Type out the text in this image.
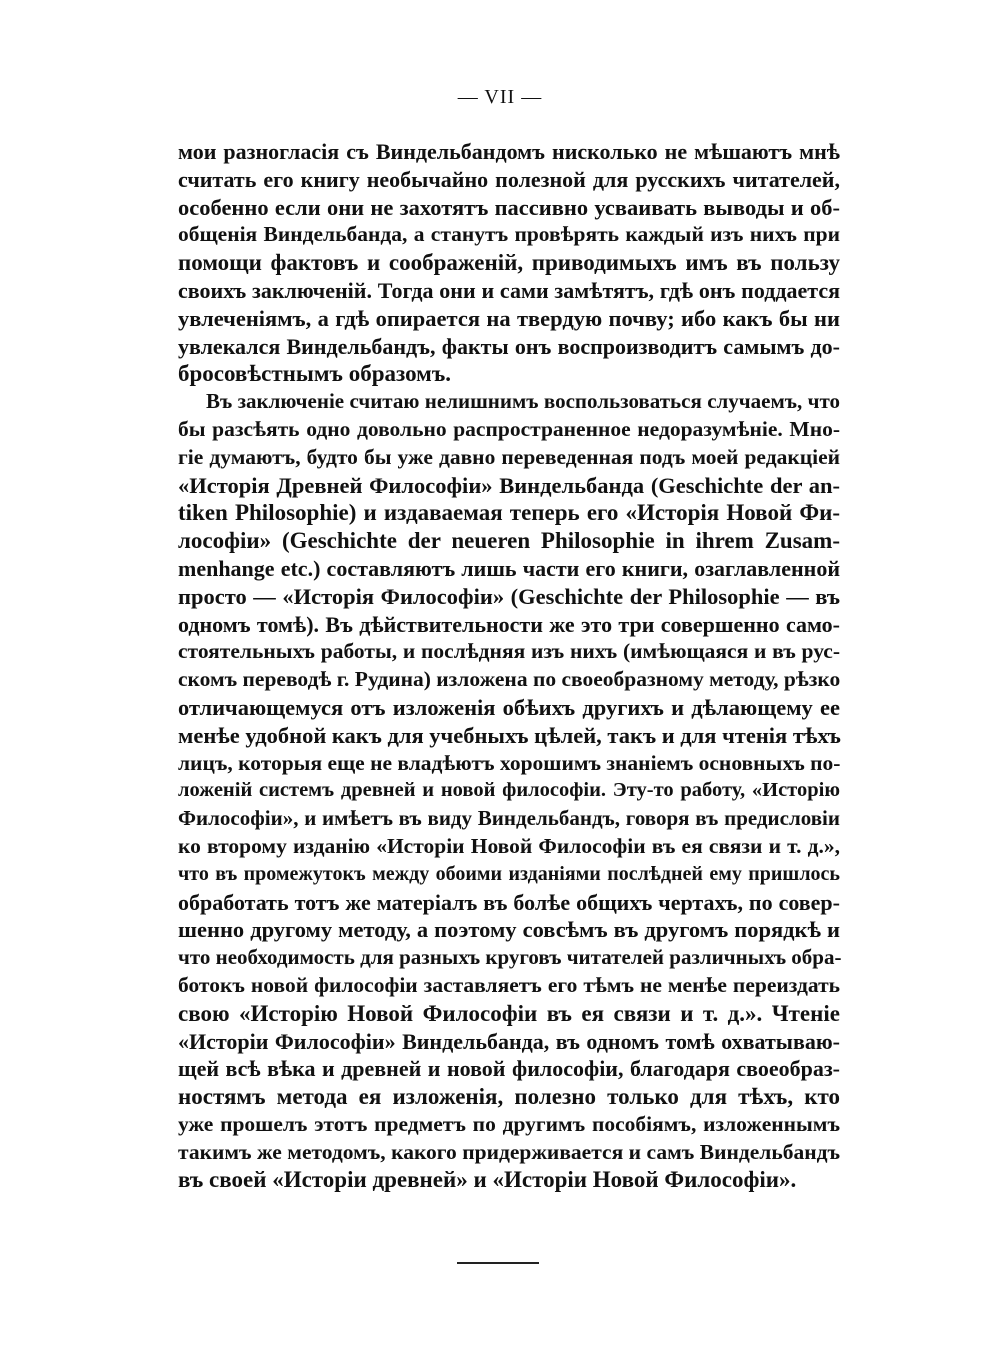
— VII —
мои разногласія съ Виндельбандомъ нисколько не мѣшаютъ мнѣ
считать его книгу необычайно полезной для русскихъ читателей,
особенно если они не захотятъ пассивно усваивать выводы и об-
общенія Виндельбанда, а станутъ провѣрять каждый изъ нихъ при
помощи фактовъ и соображеній, приводимыхъ имъ въ пользу
своихъ заключеній. Тогда они и сами замѣтятъ, гдѣ онъ поддается
увлеченіямъ, а гдѣ опирается на твердую почву; ибо какъ бы ни
увлекался Виндельбандъ, факты онъ воспроизводитъ самымъ до-
бросовѣстнымъ образомъ.
Въ заключеніе считаю нелишнимъ воспользоваться случаемъ, что
бы разсѣять одно довольно распространенное недоразумѣніе. Мно-
гіе думаютъ, будто бы уже давно переведенная подъ моей редакціей
«Исторія Древней Философіи» Виндельбанда (Geschichte der an-
tiken Philosophie) и издаваемая теперь его «Исторія Новой Фи-
лософіи» (Geschichte der neueren Philosophie in ihrem Zusam-
menhange etc.) составляютъ лишь части его книги, озаглавленной
просто — «Исторія Философіи» (Geschichte der Philosophie — въ
одномъ томѣ). Въ дѣйствительности же это три совершенно само-
стоятельныхъ работы, и послѣдняя изъ нихъ (имѣющаяся и въ рус-
скомъ переводѣ г. Рудина) изложена по своеобразному методу, рѣзко
отличающемуся отъ изложенія обѣихъ другихъ и дѣлающему ее
менѣе удобной какъ для учебныхъ цѣлей, такъ и для чтенія тѣхъ
лицъ, которыя еще не владѣютъ хорошимъ знаніемъ основныхъ по-
ложеній системъ древней и новой философіи. Эту-то работу, «Исторію
Философіи», и имѣетъ въ виду Виндельбандъ, говоря въ предисловіи
ко второму изданію «Исторіи Новой Философіи въ ея связи и т. д.»,
что въ промежутокъ между обоими изданіями послѣдней ему пришлось
обработать тотъ же матеріалъ въ болѣе общихъ чертахъ, по совер-
шенно другому методу, а поэтому совсѣмъ въ другомъ порядкѣ и
что необходимость для разныхъ круговъ читателей различныхъ обра-
ботокъ новой философіи заставляетъ его тѣмъ не менѣе переиздать
свою «Исторію Новой Философіи въ ея связи и т. д.». Чтеніе
«Исторіи Философіи» Виндельбанда, въ одномъ томѣ охватываю-
щей всѣ вѣка и древней и новой философіи, благодаря своеобраз-
ностямъ метода ея изложенія, полезно только для тѣхъ, кто
уже прошелъ этотъ предметъ по другимъ пособіямъ, изложеннымъ
такимъ же методомъ, какого придерживается и самъ Виндельбандъ
въ своей «Исторіи древней» и «Исторіи Новой Философіи».
